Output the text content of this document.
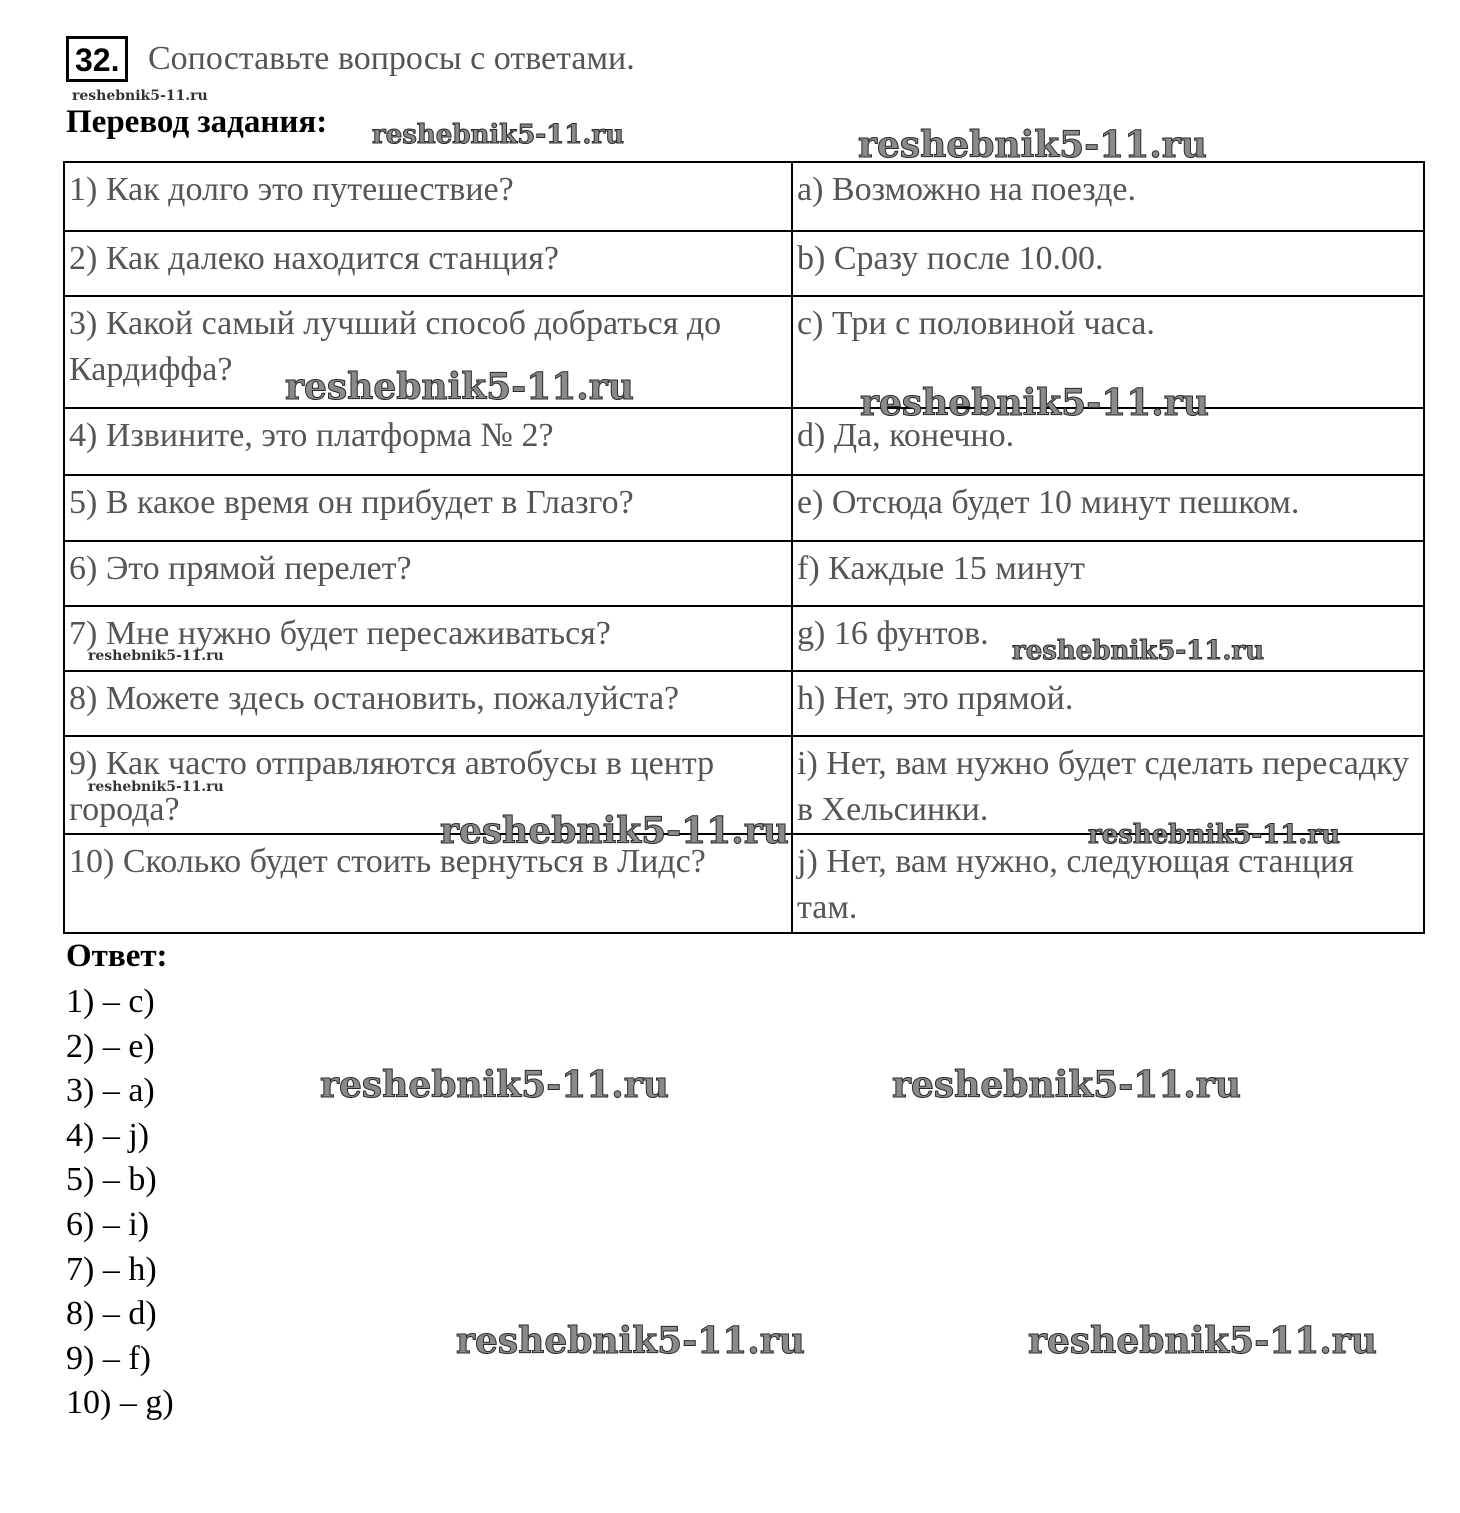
32. Сопоставьте вопросы с ответами.
reshebnik5-11.ru
Перевод задания: reshebnik5-11.ru	reshebnik5-11.ru
1) Как долго это путешествие?	a) Возможно на поезде.
2) Как далеко находится станция?	b) Сразу после 10.00.
3) Какой самый лучший способ добраться до Кардиффа?	c) Три с половиной часа.
4) Извините, это платформа № 2?	d) Да, конечно.
5) В какое время он прибудет в Глазго?	e) Отсюда будет 10 минут пешком.
6) Это прямой перелет?	f) Каждые 15 минут
7) Мне нужно будет пересаживаться?	g) 16 фунтов.
8) Можете здесь остановить, пожалуйста?	h) Нет, это прямой.
9) Как часто отправляются автобусы в центр города?	i) Нет, вам нужно будет сделать пересадку в Хельсинки.
10) Сколько будет стоить вернуться в Лидс?	j) Нет, вам нужно, следующая станция там.
reshebnik5-11.ru	reshebnik5-11.ru
reshebnik5-11.ru
reshebnik5-11.ru
reshebnik5-11.ru
reshebnik5-11.ru	reshebnik5-11.ru
Ответ:
1) – c)
2) – e)
3) – a)
4) – j)
5) – b)
6) – i)
7) – h)
8) – d)
9) – f)
10) – g)
reshebnik5-11.ru	reshebnik5-11.ru
reshebnik5-11.ru	reshebnik5-11.ru
